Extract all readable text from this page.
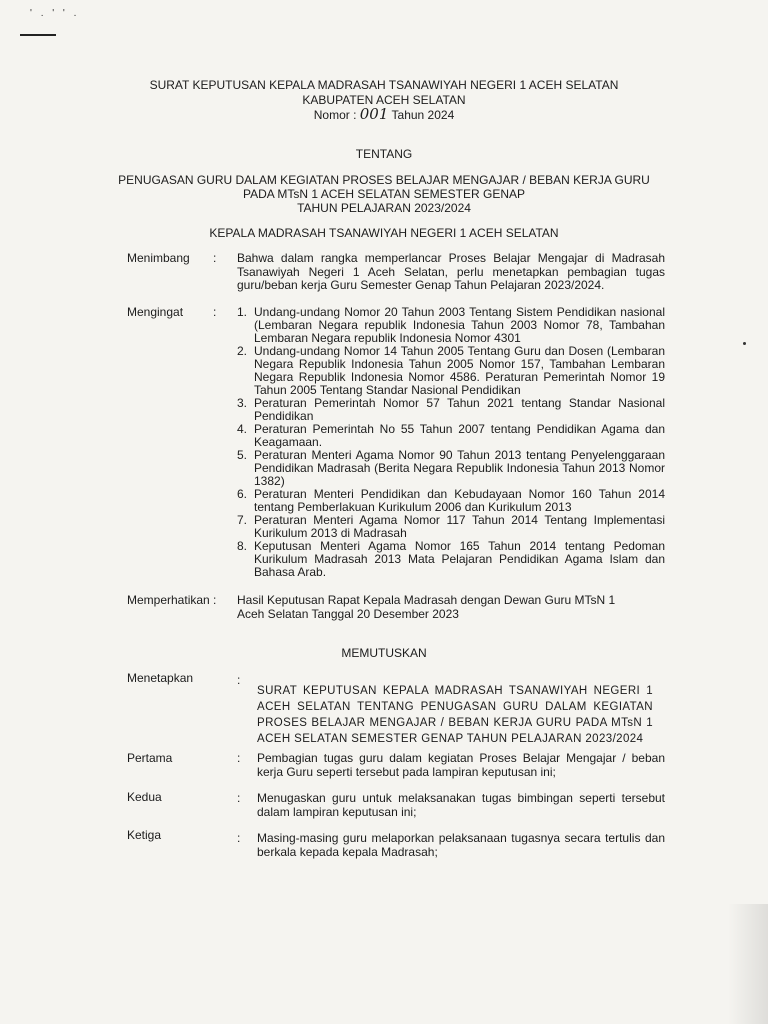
' . ' ' .
SURAT KEPUTUSAN KEPALA MADRASAH TSANAWIYAH NEGERI 1 ACEH SELATAN
KABUPATEN ACEH SELATAN
Nomor : 001 Tahun 2024
TENTANG
PENUGASAN GURU DALAM KEGIATAN PROSES BELAJAR MENGAJAR / BEBAN KERJA GURU
PADA MTsN 1 ACEH SELATAN SEMESTER GENAP
TAHUN PELAJARAN 2023/2024
KEPALA MADRASAH TSANAWIYAH NEGERI 1 ACEH SELATAN
Menimbang : Bahwa dalam rangka memperlancar Proses Belajar Mengajar di Madrasah Tsanawiyah Negeri 1 Aceh Selatan, perlu menetapkan pembagian tugas guru/beban kerja Guru Semester Genap Tahun Pelajaran 2023/2024.
Mengingat : 1. Undang-undang Nomor 20 Tahun 2003 Tentang Sistem Pendidikan nasional (Lembaran Negara republik Indonesia Tahun 2003 Nomor 78, Tambahan Lembaran Negara republik Indonesia Nomor 4301
2. Undang-undang Nomor 14 Tahun 2005 Tentang Guru dan Dosen (Lembaran Negara Republik Indonesia Tahun 2005 Nomor 157, Tambahan Lembaran Negara Republik Indonesia Nomor 4586. Peraturan Pemerintah Nomor 19 Tahun 2005 Tentang Standar Nasional Pendidikan
3. Peraturan Pemerintah Nomor 57 Tahun 2021 tentang Standar Nasional Pendidikan
4. Peraturan Pemerintah No 55 Tahun 2007 tentang Pendidikan Agama dan Keagamaan.
5. Peraturan Menteri Agama Nomor 90 Tahun 2013 tentang Penyelenggaraan Pendidikan Madrasah (Berita Negara Republik Indonesia Tahun 2013 Nomor 1382)
6. Peraturan Menteri Pendidikan dan Kebudayaan Nomor 160 Tahun 2014 tentang Pemberlakuan Kurikulum 2006 dan Kurikulum 2013
7. Peraturan Menteri Agama Nomor 117 Tahun 2014 Tentang Implementasi Kurikulum 2013 di Madrasah
8. Keputusan Menteri Agama Nomor 165 Tahun 2014 tentang Pedoman Kurikulum Madrasah 2013 Mata Pelajaran Pendidikan Agama Islam dan Bahasa Arab.
Memperhatikan : Hasil Keputusan Rapat Kepala Madrasah dengan Dewan Guru MTsN 1 Aceh Selatan Tanggal 20 Desember 2023
MEMUTUSKAN
Menetapkan	:
SURAT KEPUTUSAN KEPALA MADRASAH TSANAWIYAH NEGERI 1 ACEH SELATAN TENTANG PENUGASAN GURU DALAM KEGIATAN PROSES BELAJAR MENGAJAR / BEBAN KERJA GURU PADA MTsN 1 ACEH SELATAN SEMESTER GENAP TAHUN PELAJARAN 2023/2024
Pertama	: Pembagian tugas guru dalam kegiatan Proses Belajar Mengajar / beban kerja Guru seperti tersebut pada lampiran keputusan ini;
Kedua	: Menugaskan guru untuk melaksanakan tugas bimbingan seperti tersebut dalam lampiran keputusan ini;
Ketiga	: Masing-masing guru melaporkan pelaksanaan tugasnya secara tertulis dan berkala kepada kepala Madrasah;
